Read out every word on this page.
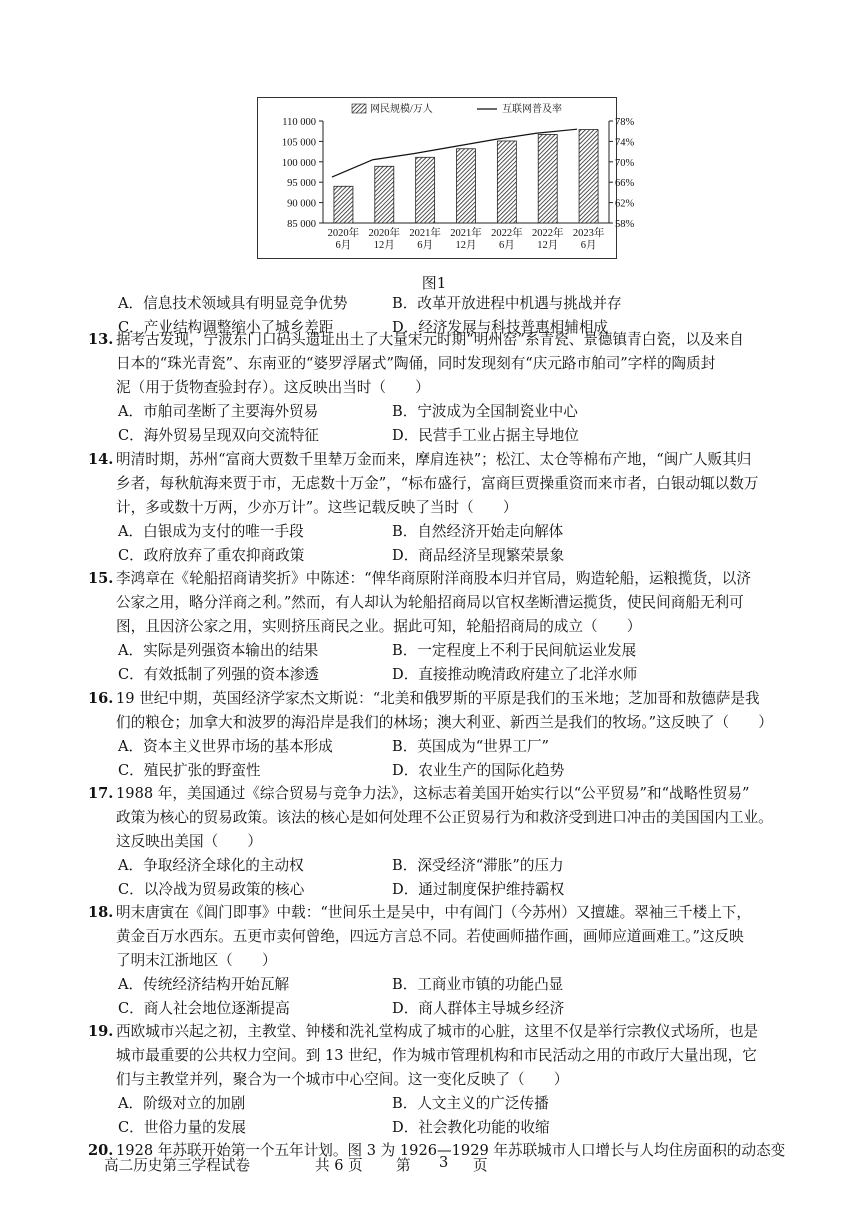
110 000
105 000
100 000
95 000
90 000
85 000
78%
74%
70%
66%
62%
58%
2020年
6月
2020年
12月
2021年
6月
2021年
12月
2022年
6月
2022年
12月
2023年
6月
网民规模/万人	互联网普及率
图1
A．信息技术领域具有明显竞争优势	B．改革开放进程中机遇与挑战并存
C．产业结构调整缩小了城乡差距	D．经济发展与科技普惠相辅相成
13. 据考古发现，宁波东门口码头遗址出土了大量宋元时期“明州窑”系青瓷、景德镇青白瓷，以及来自
日本的“珠光青瓷”、东南亚的“婆罗浮屠式”陶俑，同时发现刻有“庆元路市舶司”字样的陶质封
泥（用于货物查验封存）。这反映出当时（　　）
A．市舶司垄断了主要海外贸易	B．宁波成为全国制瓷业中心
C．海外贸易呈现双向交流特征	D．民营手工业占据主导地位
14. 明清时期，苏州“富商大贾数千里辇万金而来，摩肩连袂”；松江、太仓等棉布产地，“闽广人贩其归
乡者，每秋航海来贾于市，无虑数十万金”，“标布盛行，富商巨贾操重资而来市者，白银动辄以数万
计，多或数十万两，少亦万计”。这些记载反映了当时（　　）
A．白银成为支付的唯一手段	B．自然经济开始走向解体
C．政府放弃了重农抑商政策	D．商品经济呈现繁荣景象
15. 李鸿章在《轮船招商请奖折》中陈述：“俾华商原附洋商股本归并官局，购造轮船，运粮揽货，以济
公家之用，略分洋商之利。”然而，有人却认为轮船招商局以官权垄断漕运揽货，使民间商船无利可
图，且因济公家之用，实则挤压商民之业。据此可知，轮船招商局的成立（　　）
A．实际是列强资本输出的结果	B．一定程度上不利于民间航运业发展
C．有效抵制了列强的资本渗透	D．直接推动晚清政府建立了北洋水师
16. 19 世纪中期，英国经济学家杰文斯说：“北美和俄罗斯的平原是我们的玉米地；芝加哥和敖德萨是我
们的粮仓；加拿大和波罗的海沿岸是我们的林场；澳大利亚、新西兰是我们的牧场。”这反映了（　　）
A．资本主义世界市场的基本形成	B．英国成为“世界工厂”
C．殖民扩张的野蛮性	D．农业生产的国际化趋势
17. 1988 年，美国通过《综合贸易与竞争力法》，这标志着美国开始实行以“公平贸易”和“战略性贸易”
政策为核心的贸易政策。该法的核心是如何处理不公正贸易行为和救济受到进口冲击的美国国内工业。
这反映出美国（　　）
A．争取经济全球化的主动权	B．深受经济“滞胀”的压力
C．以冷战为贸易政策的核心	D．通过制度保护维持霸权
18. 明末唐寅在《阊门即事》中载：“世间乐土是吴中，中有阊门（今苏州）又擅雄。翠袖三千楼上下，
黄金百万水西东。五更市卖何曾绝，四远方言总不同。若使画师描作画，画师应道画难工。”这反映
了明末江浙地区（　　）
A．传统经济结构开始瓦解	B．工商业市镇的功能凸显
C．商人社会地位逐渐提高	D．商人群体主导城乡经济
19. 西欧城市兴起之初，主教堂、钟楼和洗礼堂构成了城市的心脏，这里不仅是举行宗教仪式场所，也是
城市最重要的公共权力空间。到 13 世纪，作为城市管理机构和市民活动之用的市政厅大量出现，它
们与主教堂并列，聚合为一个城市中心空间。这一变化反映了（　　）
A．阶级对立的加剧	B．人文主义的广泛传播
C．世俗力量的发展	D．社会教化功能的收缩
20. 1928 年苏联开始第一个五年计划。图 3 为 1926—1929 年苏联城市人口增长与人均住房面积的动态变
高二历史第三学程试卷	共 6 页 第 3 页
